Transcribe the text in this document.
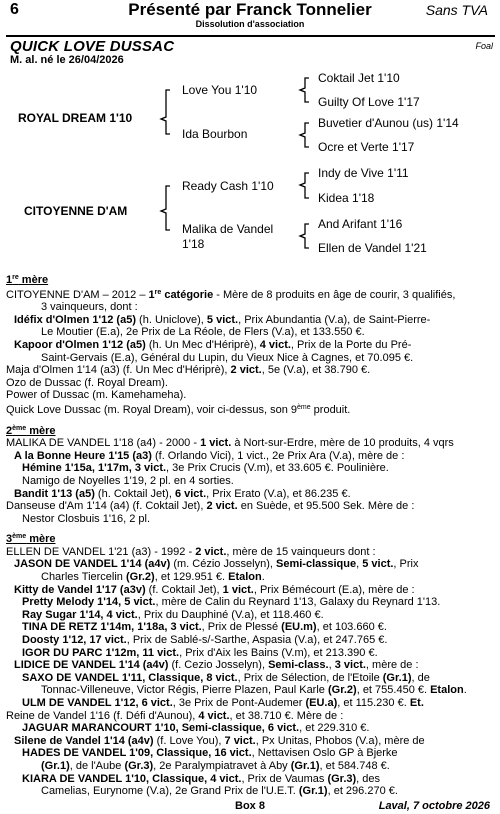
6	Présenté par Franck Tonnelier	Sans TVA
Dissolution d'association
QUICK LOVE DUSSAC	Foal
M. al. né le 26/04/2026
ROYAL DREAM 1'10
CITOYENNE D'AM
Love You 1'10
Ida Bourbon
Ready Cash 1'10
Malika de Vandel
1'18
Coktail Jet 1'10
Guilty Of Love 1'17
Buvetier d'Aunou (us) 1'14
Ocre et Verte 1'17
Indy de Vive 1'11
Kidea 1'18
And Arifant 1'16
Ellen de Vandel 1'21

1re mère

CITOYENNE D'AM – 2012 – 1re catégorie - Mère de 8 produits en âge de courir, 3 qualifiés,

3 vainqueurs, dont :

Idéfix d'Olmen 1'12 (a5) (h. Uniclove), 5 vict., Prix Abundantia (V.a), de Saint-Pierre-

Le Moutier (E.a), 2e Prix de La Réole, de Flers (V.a), et 133.550 €.

Kapoor d'Olmen 1'12 (a5) (h. Un Mec d'Hériprè), 4 vict., Prix de la Porte du Pré-

Saint-Gervais (E.a), Général du Lupin, du Vieux Nice à Cagnes, et 70.095 €.

Maja d'Olmen 1'14 (a3) (f. Un Mec d'Hériprè), 2 vict., 5e (V.a), et 38.790 €.

Ozo de Dussac (f. Royal Dream).

Power of Dussac (m. Kamehameha).

Quick Love Dussac (m. Royal Dream), voir ci-dessus, son 9ème produit.

2ème mère

MALIKA DE VANDEL 1'18 (a4) - 2000 - 1 vict. à Nort-sur-Erdre, mère de 10 produits, 4 vqrs

A la Bonne Heure 1'15 (a3) (f. Orlando Vici), 1 vict., 2e Prix Ara (V.a), mère de :

Hémine 1'15a, 1'17m, 3 vict., 3e Prix Crucis (V.m), et 33.605 €. Poulinière.

Namigo de Noyelles 1'19, 2 pl. en 4 sorties.

Bandit 1'13 (a5) (h. Coktail Jet), 6 vict., Prix Erato (V.a), et 86.235 €.

Danseuse d'Am 1'14 (a4) (f. Coktail Jet), 2 vict. en Suède, et 95.500 Sek. Mère de :

Nestor Closbuis 1'16, 2 pl.

3ème mère

ELLEN DE VANDEL 1'21 (a3) - 1992 - 2 vict., mère de 15 vainqueurs dont :

JASON DE VANDEL 1'14 (a4v) (m. Cézio Josselyn), Semi-classique, 5 vict., Prix

Charles Tiercelin (Gr.2), et 129.951 €. Etalon.

Kitty de Vandel 1'17 (a3v) (f. Coktail Jet), 1 vict., Prix Bémécourt (E.a), mère de :

Pretty Melody 1'14, 5 vict., mère de Calin du Reynard 1'13, Galaxy du Reynard 1'13.

Ray Sugar 1'14, 4 vict., Prix du Dauphiné (V.a), et 118.460 €.

TINA DE RETZ 1'14m, 1'18a, 3 vict., Prix de Plessé (EU.m), et 103.660 €.

Doosty 1'12, 17 vict., Prix de Sablé-s/-Sarthe, Aspasia (V.a), et 247.765 €.

IGOR DU PARC 1'12m, 11 vict., Prix d'Aix les Bains (V.m), et 213.390 €.

LIDICE DE VANDEL 1'14 (a4v) (f. Cezio Josselyn), Semi-class., 3 vict., mère de :

SAXO DE VANDEL 1'11, Classique, 8 vict., Prix de Sélection, de l'Etoile (Gr.1), de

Tonnac-Villeneuve, Victor Régis, Pierre Plazen, Paul Karle (Gr.2), et 755.450 €. Etalon.

ULM DE VANDEL 1'12, 6 vict., 3e Prix de Pont-Audemer (EU.a), et 115.230 €. Et.

Reine de Vandel 1'16 (f. Défi d'Aunou), 4 vict., et 38.710 €. Mère de :

JAGUAR MARANCOURT 1'10, Semi-classique, 6 vict., et 229.310 €.

Silene de Vandel 1'14 (a4v) (f. Love You), 7 vict., Px Unitas, Phobos (V.a), mère de

HADES DE VANDEL 1'09, Classique, 16 vict., Nettavisen Oslo GP à Bjerke

(Gr.1), de l'Aube (Gr.3), 2e Paralympiatravet à Aby (Gr.1), et 584.748 €.

KIARA DE VANDEL 1'10, Classique, 4 vict., Prix de Vaumas (Gr.3), des

Camelias, Eurynome (V.a), 2e Grand Prix de l'U.E.T. (Gr.1), et 296.270 €.

Box 8	Laval, 7 octobre 2026
